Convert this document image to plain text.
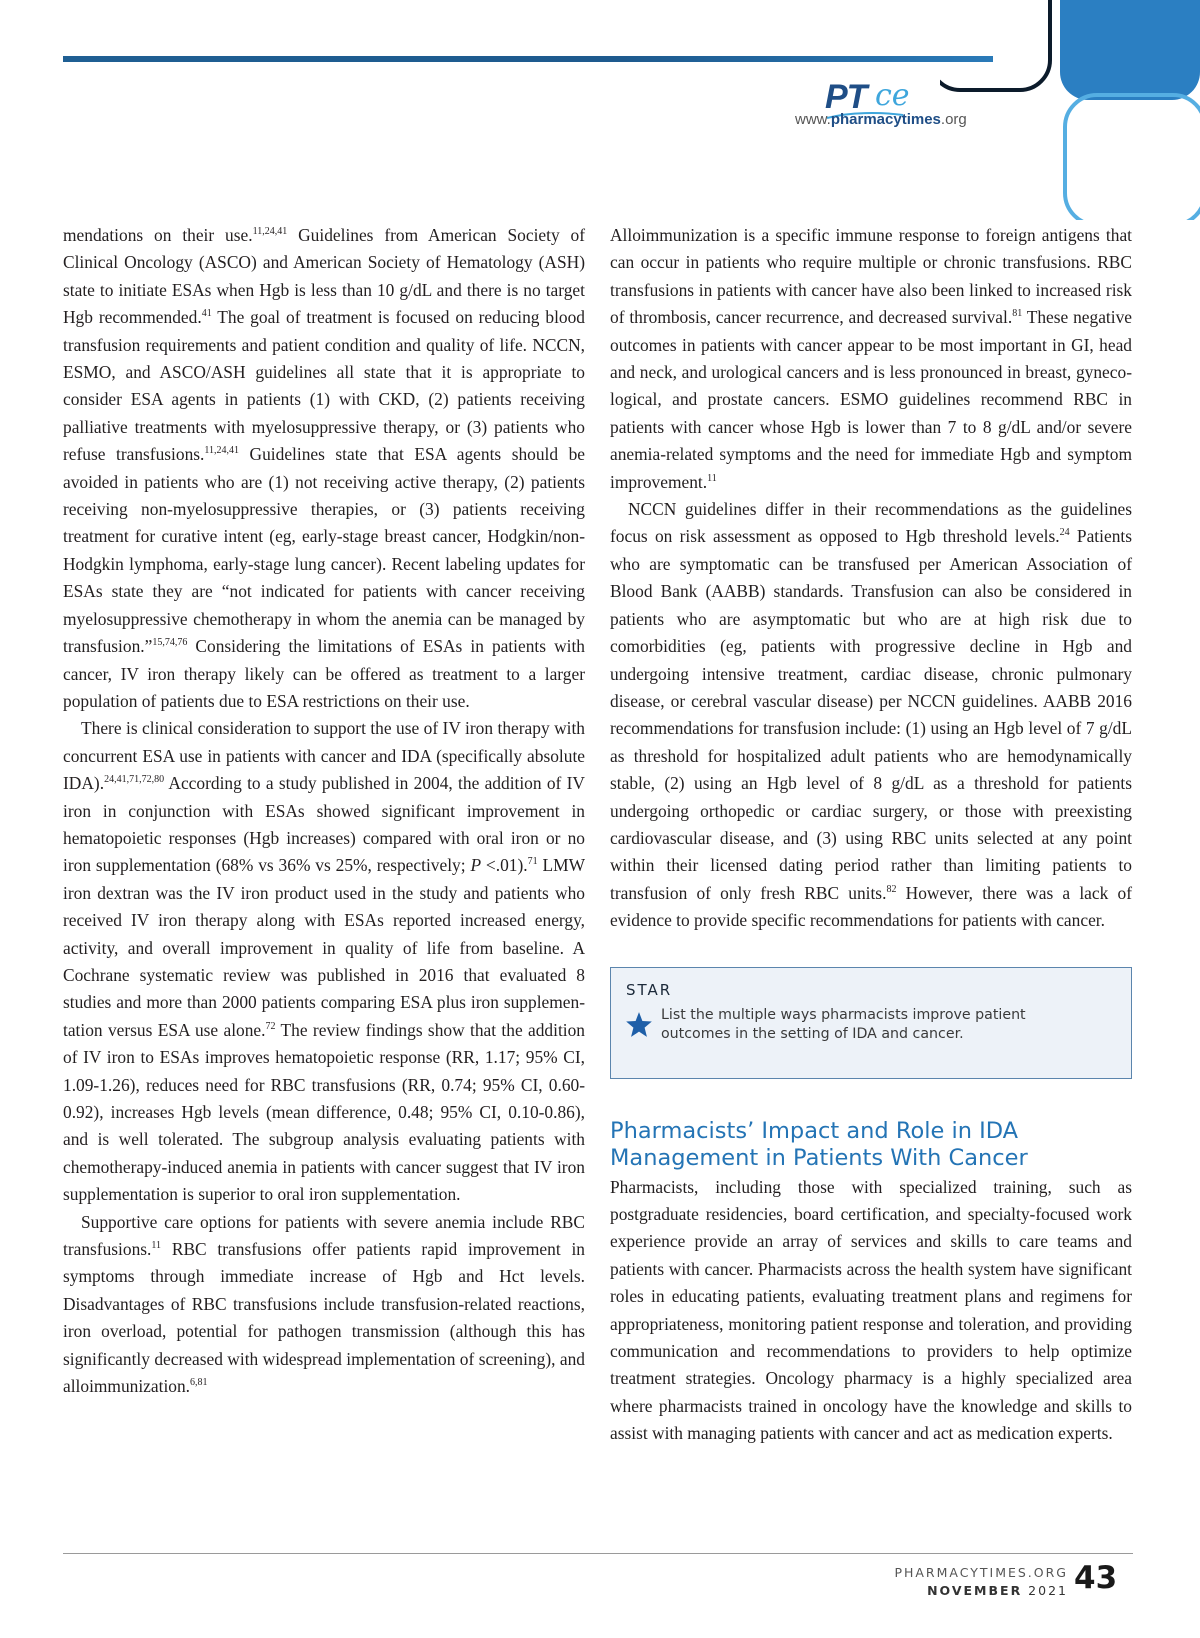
PT ce
www.pharmacytimes.org

mendations on their use.$^{11,24,41}$ Guidelines from American Society of Clinical Oncology (ASCO) and American Society of Hematology (ASH) state to initiate ESAs when Hgb is less than 10 g/​dL and there is no target Hgb recommended.$^{41}$ The goal of treatment is focused on reducing blood transfusion requirements and patient condition and quality of life. NCCN, ESMO, and ASCO/​ASH guidelines all state that it is appropriate to consider ESA agents in patients (1) with CKD, (2) patients receiving palliative treatments with myelosuppressive therapy, or (3) patients who refuse transfusions.$^{11,24,41}$ Guidelines state that ESA agents should be avoided in patients who are (1) not receiving active therapy, (2) patients receiving non-myelosuppressive therapies, or (3) patients receiving treatment for curative intent (eg, early-stage breast cancer, Hodgkin/non-Hodgkin lymphoma, early-stage lung cancer). Recent labeling updates for ESAs state they are “not indicated for patients with cancer receiving myelosuppressive chemotherapy in whom the anemia can be managed by transfusion.”$^{15,74,76}$ Considering the limitations of ESAs in patients with cancer, IV iron therapy likely can be offered as treatment to a larger population of patients due to ESA restrictions on their use.

There is clinical consideration to support the use of IV iron therapy with concurrent ESA use in patients with cancer and IDA (specifically absolute IDA).$^{24,41,71,72,80}$ According to a study published in 2004, the addition of IV iron in conjunction with ESAs showed significant improvement in hematopoietic responses (Hgb increases) compared with oral iron or no iron supplementation (68% vs 36% vs 25%, respectively; P <.01).$^{71}$ LMW iron dextran was the IV iron product used in the study and patients who received IV iron therapy along with ESAs reported increased energy, activity, and overall improvement in quality of life from baseline. A Cochrane systematic review was published in 2016 that evaluated 8 studies and more than 2000 patients comparing ESA plus iron supplementation versus ESA use alone.$^{72}$ The review findings show that the addition of IV iron to ESAs improves hematopoietic response (RR, 1.17; 95% CI, 1.09-1.26), reduces need for RBC transfusions (RR, 0.74; 95% CI, 0.60-0.92), increases Hgb levels (mean difference, 0.48; 95% CI, 0.10-0.86), and is well tolerated. The subgroup analysis evaluating patients with chemotherapy-induced anemia in patients with cancer suggest that IV iron supplementation is superior to oral iron supplementation.

Supportive care options for patients with severe anemia include RBC transfusions.$^{11}$ RBC transfusions offer patients rapid improvement in symptoms through immediate increase of Hgb and Hct levels. Disadvantages of RBC transfusions include transfusion-related reactions, iron overload, potential for pathogen transmission (although this has significantly decreased with widespread implementation of screening), and alloimmunization.$^{6,81}$

Alloimmunization is a specific immune response to foreign antigens that can occur in patients who require multiple or chronic transfusions. RBC transfusions in patients with cancer have also been linked to increased risk of thrombosis, cancer recurrence, and decreased survival.$^{81}$ These negative outcomes in patients with cancer appear to be most important in GI, head and neck, and urological cancers and is less pronounced in breast, gynecological, and prostate cancers. ESMO guidelines recommend RBC in patients with cancer whose Hgb is lower than 7 to 8 g/dL and/or severe anemia-related symptoms and the need for immediate Hgb and symptom improvement.$^{11}$

NCCN guidelines differ in their recommendations as the guidelines focus on risk assessment as opposed to Hgb threshold levels.$^{24}$ Patients who are symptomatic can be transfused per American Association of Blood Bank (AABB) standards. Transfusion can also be considered in patients who are asymptomatic but who are at high risk due to comorbidities (eg, patients with progressive decline in Hgb and undergoing intensive treatment, cardiac disease, chronic pulmonary disease, or cerebral vascular disease) per NCCN guidelines. AABB 2016 recommendations for transfusion include: (1) using an Hgb level of 7 g/dL as threshold for hospitalized adult patients who are hemodynamically stable, (2) using an Hgb level of 8 g/dL as a threshold for patients undergoing orthopedic or cardiac surgery, or those with preexisting cardiovascular disease, and (3) using RBC units selected at any point within their licensed dating period rather than limiting patients to transfusion of only fresh RBC units.$^{82}$ However, there was a lack of evidence to provide specific recommendations for patients with cancer.

STAR
List the multiple ways pharmacists improve patient outcomes in the setting of IDA and cancer.
Pharmacists’ Impact and Role in IDA Management in Patients With Cancer

Pharmacists, including those with specialized training, such as postgraduate residencies, board certification, and specialty-focused work experience provide an array of services and skills to care teams and patients with cancer. Pharmacists across the health system have significant roles in educating patients, evaluating treatment plans and regimens for appropriateness, monitoring patient response and toleration, and providing communication and recommendations to providers to help optimize treatment strategies. Oncology pharmacy is a highly specialized area where pharmacists trained in oncology have the knowledge and skills to assist with managing patients with cancer and act as medication experts.

PHARMACYTIMES.ORG
NOVEMBER 2021 43
